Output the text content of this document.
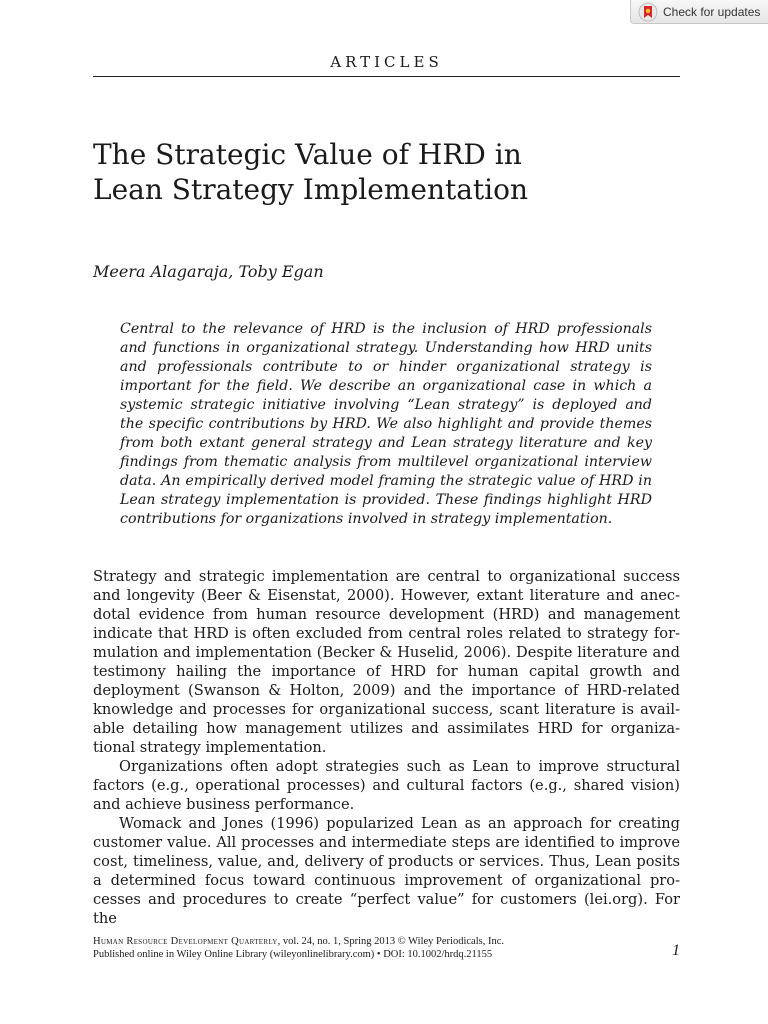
Check for updates
ARTICLES
The Strategic Value of HRD in
Lean Strategy Implementation
Meera Alagaraja, Toby Egan

Central to the relevance of HRD is the inclusion of HRD professionals and functions in organizational strategy. Understanding how HRD units and professionals contribute to or hinder organizational strategy is important for the field. We describe an organizational case in which a systemic strategic initiative involving “Lean strategy” is deployed and the specific contributions by HRD. We also highlight and provide themes from both extant general strategy and Lean strategy literature and key findings from thematic analysis from multilevel organizational interview data. An empirically derived model framing the strategic value of HRD in Lean strategy implementation is provided. These findings highlight HRD contributions for organizations involved in strategy implementation.

Strategy and strategic implementation are central to organizational success and longevity (Beer & Eisenstat, 2000). However, extant literature and anecdotal evidence from human resource development (HRD) and management indicate that HRD is often excluded from central roles related to strategy formulation and implementation (Becker & Huselid, 2006). Despite literature and testimony hailing the importance of HRD for human capital growth and deployment (Swanson & Holton, 2009) and the importance of HRD-related knowledge and processes for organizational success, scant literature is available detailing how management utilizes and assimilates HRD for organizational strategy implementation.

Organizations often adopt strategies such as Lean to improve structural factors (e.g., operational processes) and cultural factors (e.g., shared vision) and achieve business performance.

Womack and Jones (1996) popularized Lean as an approach for creating customer value. All processes and intermediate steps are identified to improve cost, timeliness, value, and, delivery of products or services. Thus, Lean posits a determined focus toward continuous improvement of organizational processes and procedures to create “perfect value” for customers (lei.org). For the

Human Resource Development Quarterly, vol. 24, no. 1, Spring 2013 © Wiley Periodicals, Inc.
Published online in Wiley Online Library (wileyonlinelibrary.com) • DOI: 10.1002/hrdq.21155	1
